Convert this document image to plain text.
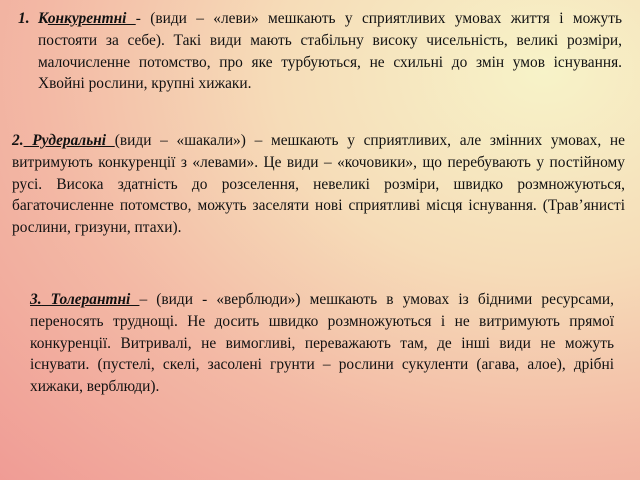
1. Конкурентні - (види – «леви» мешкають у сприятливих умовах життя і можуть постояти за себе). Такі види мають стабільну високу чисельність, великі розміри, малочисленне потомство, про яке турбуються, не схильні до змін умов існування. Хвойні рослини, крупні хижаки.
2. Рудеральні (види – «шакали») – мешкають у сприятливих, але змінних умовах, не витримують конкуренції з «левами». Це види – «кочовики», що перебувають у постійному русі. Висока здатність до розселення, невеликі розміри, швидко розмножуються, багаточисленне потомство, можуть заселяти нові сприятливі місця існування. (Трав’янисті рослини, гризуни, птахи).
3. Толерантні – (види - «верблюди») мешкають в умовах із бідними ресурсами, переносять труднощі. Не досить швидко розмножуються і не витримують прямої конкуренції. Витривалі, не вимогливі, переважають там, де інші види не можуть існувати. (пустелі, скелі, засолені грунти – рослини сукуленти (агава, алое), дрібні хижаки, верблюди).
